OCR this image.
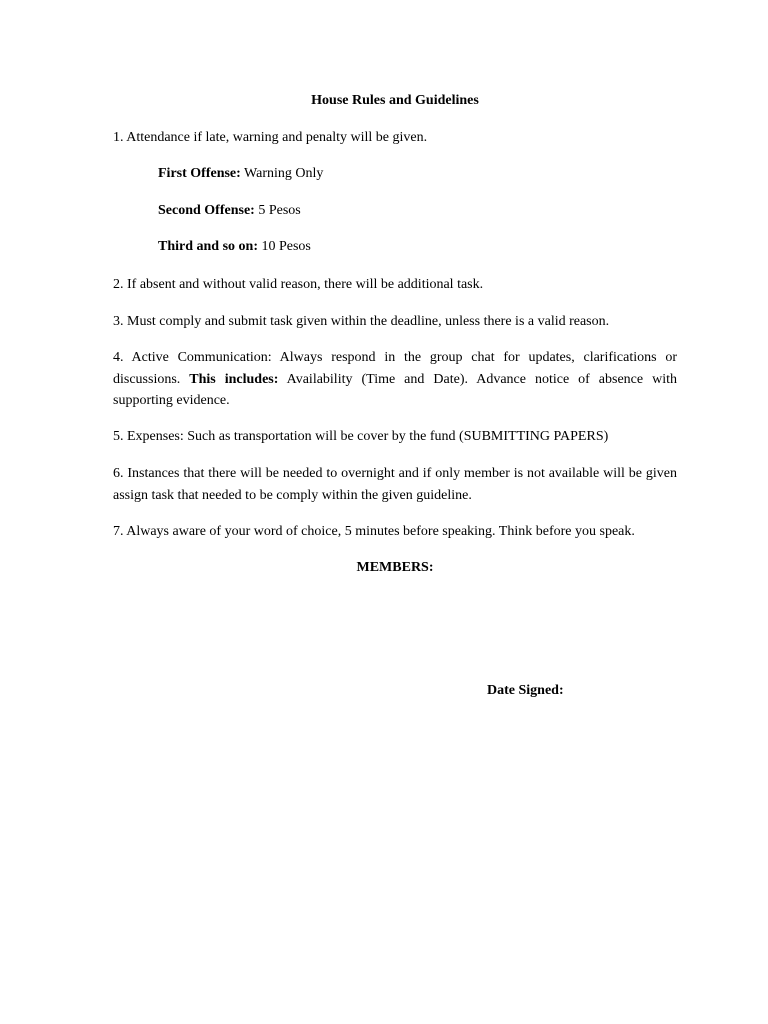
House Rules and Guidelines

1. Attendance if late, warning and penalty will be given.

First Offense: Warning Only

Second Offense: 5 Pesos

Third and so on: 10 Pesos

2. If absent and without valid reason, there will be additional task.

3. Must comply and submit task given within the deadline, unless there is a valid reason.

4. Active Communication: Always respond in the group chat for updates, clarifications or discussions. This includes: Availability (Time and Date). Advance notice of absence with supporting evidence.

5. Expenses: Such as transportation will be cover by the fund (SUBMITTING PAPERS)

6. Instances that there will be needed to overnight and if only member is not available will be given assign task that needed to be comply within the given guideline.

7. Always aware of your word of choice, 5 minutes before speaking. Think before you speak.

MEMBERS:
Date Signed:
